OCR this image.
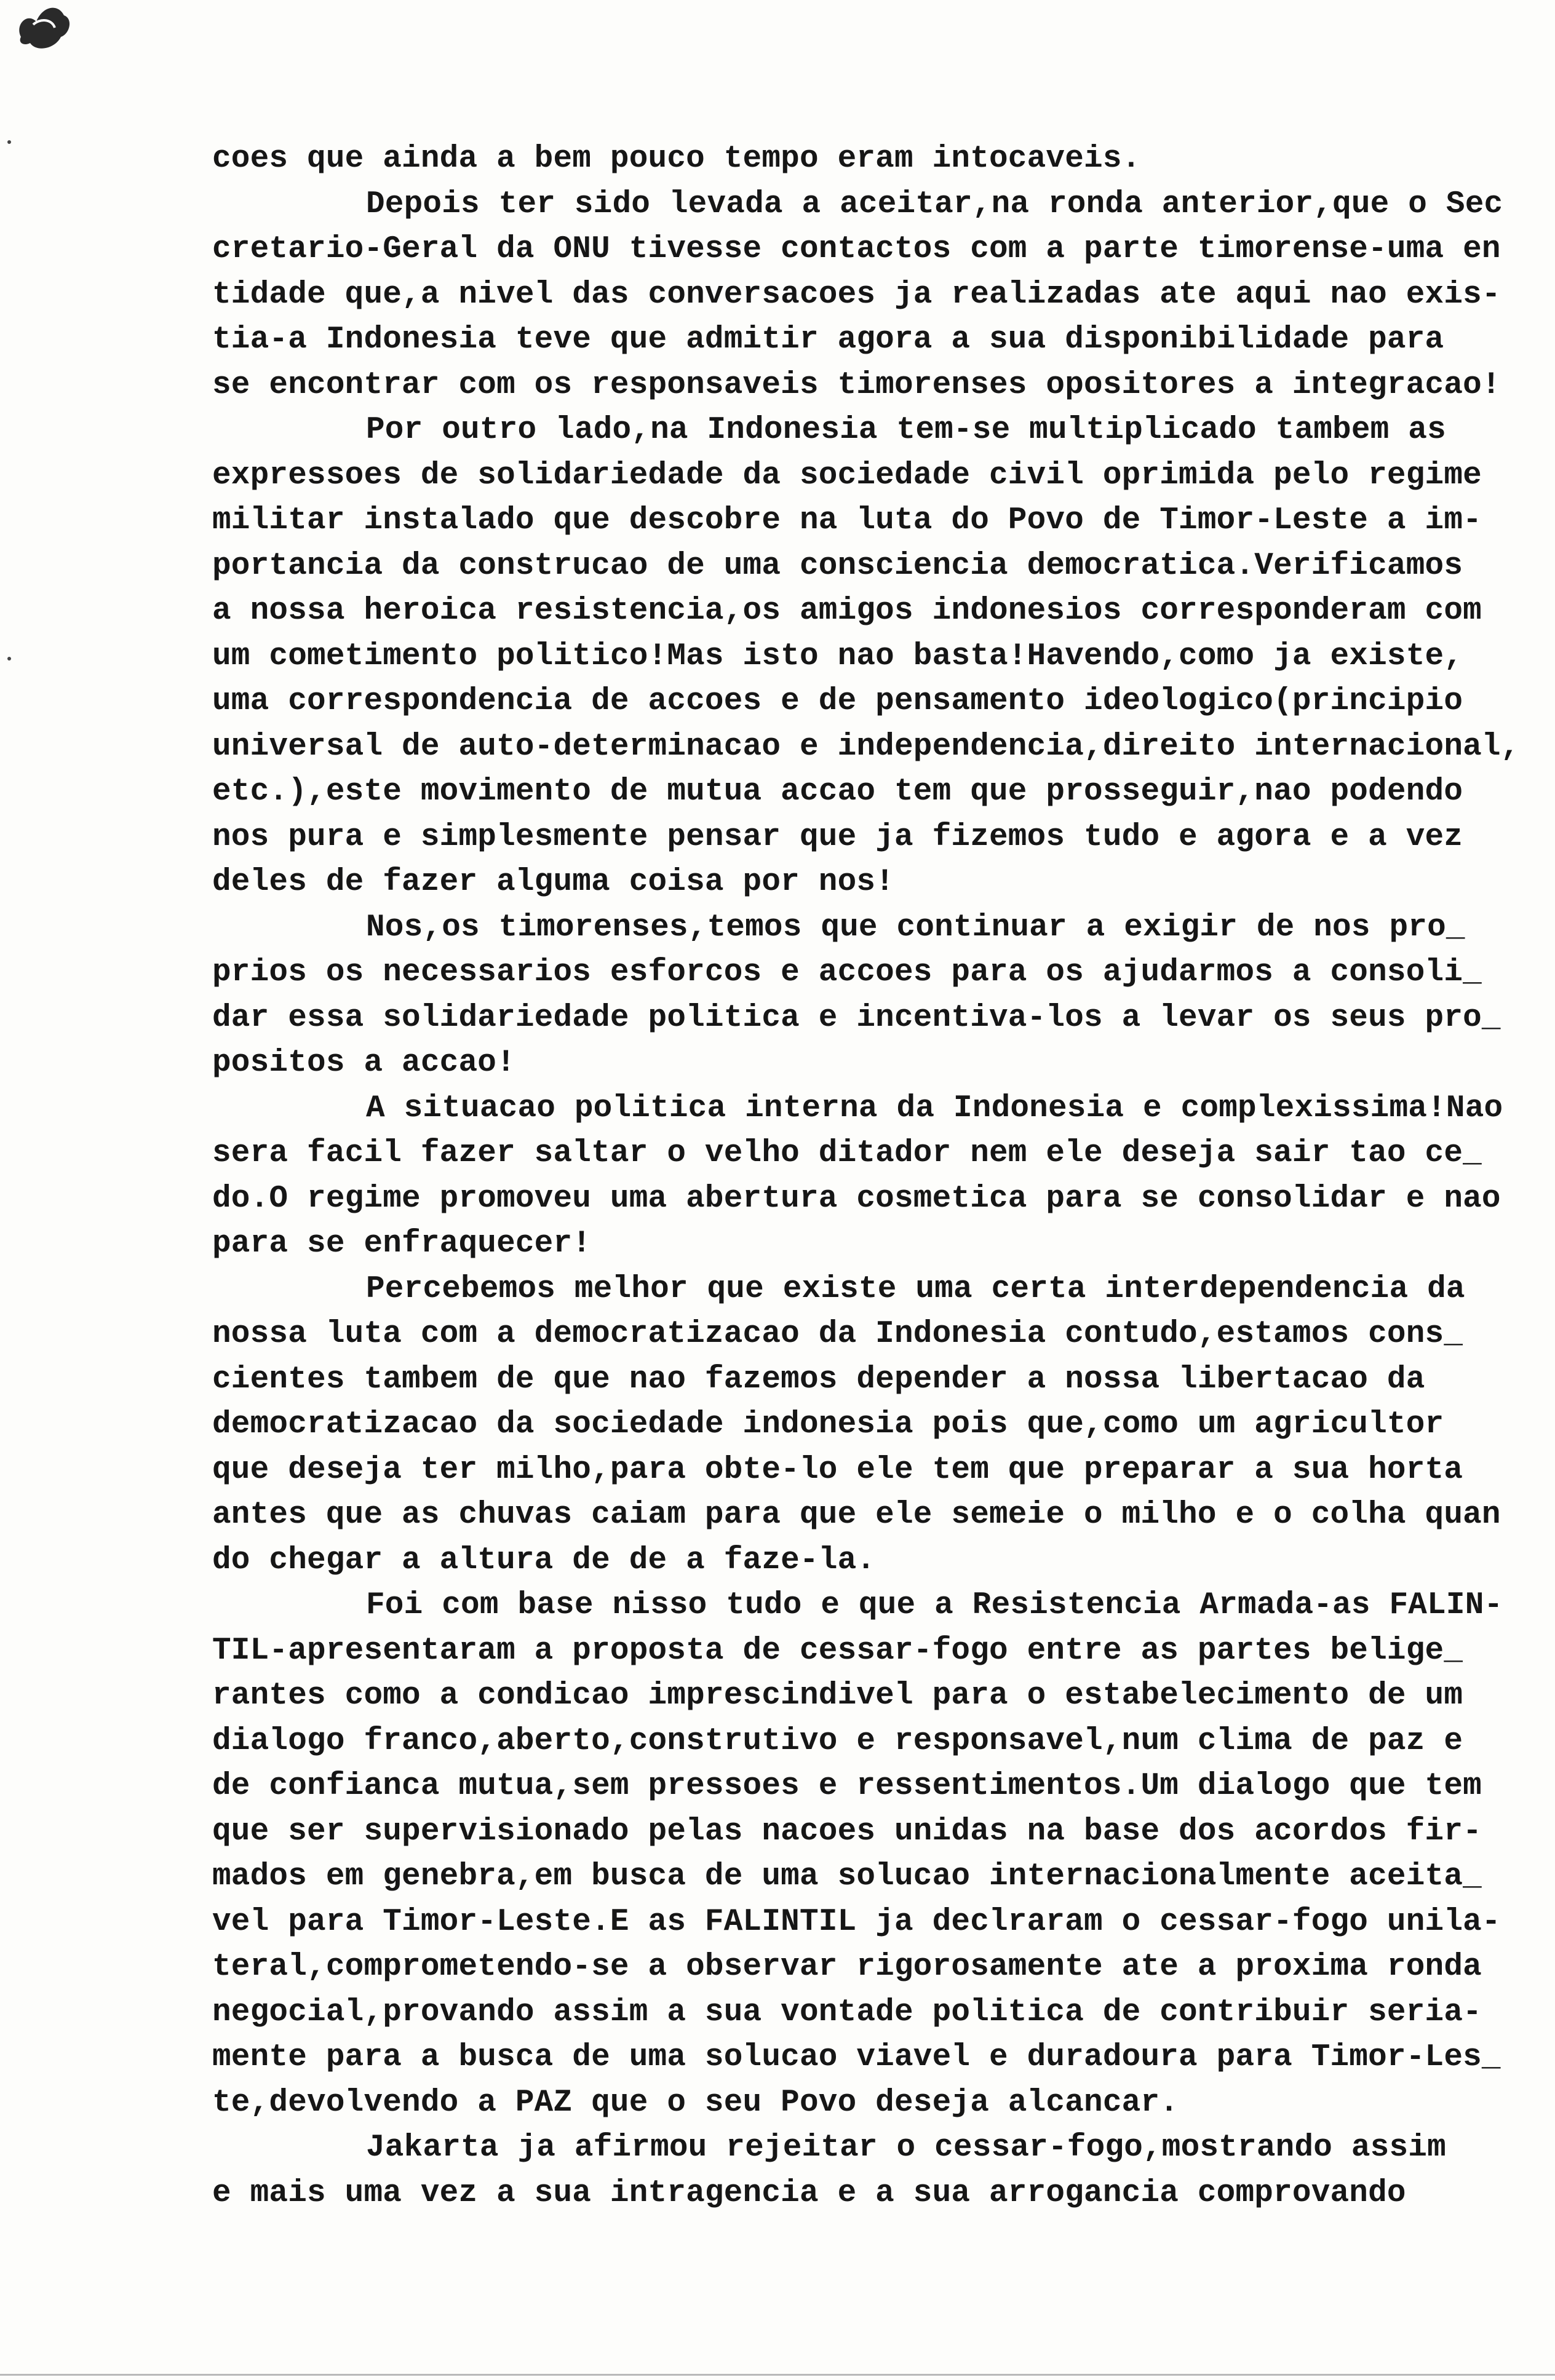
coes que ainda a bem pouco tempo eram intocaveis.
Depois ter sido levada a aceitar,na ronda anterior,que o Sec
cretario-Geral da ONU tivesse contactos com a parte timorense-uma en
tidade que,a nivel das conversacoes ja realizadas ate aqui nao exis-
tia-a Indonesia teve que admitir agora a sua disponibilidade para
se encontrar com os responsaveis timorenses opositores a integracao!
Por outro lado,na Indonesia tem-se multiplicado tambem as
expressoes de solidariedade da sociedade civil oprimida pelo regime
militar instalado que descobre na luta do Povo de Timor-Leste a im-
portancia da construcao de uma consciencia democratica.Verificamos
a nossa heroica resistencia,os amigos indonesios corresponderam com
um cometimento politico!Mas isto nao basta!Havendo,como ja existe,
uma correspondencia de accoes e de pensamento ideologico(principio
universal de auto-determinacao e independencia,direito internacional,
etc.),este movimento de mutua accao tem que prosseguir,nao podendo
nos pura e simplesmente pensar que ja fizemos tudo e agora e a vez
deles de fazer alguma coisa por nos!
Nos,os timorenses,temos que continuar a exigir de nos pro_
prios os necessarios esforcos e accoes para os ajudarmos a consoli_
dar essa solidariedade politica e incentiva-los a levar os seus pro_
positos a accao!
A situacao politica interna da Indonesia e complexissima!Nao
sera facil fazer saltar o velho ditador nem ele deseja sair tao ce_
do.O regime promoveu uma abertura cosmetica para se consolidar e nao
para se enfraquecer!
Percebemos melhor que existe uma certa interdependencia da
nossa luta com a democratizacao da Indonesia contudo,estamos cons_
cientes tambem de que nao fazemos depender a nossa libertacao da
democratizacao da sociedade indonesia pois que,como um agricultor
que deseja ter milho,para obte-lo ele tem que preparar a sua horta
antes que as chuvas caiam para que ele semeie o milho e o colha quan
do chegar a altura de de a faze-la.
Foi com base nisso tudo e que a Resistencia Armada-as FALIN-
TIL-apresentaram a proposta de cessar-fogo entre as partes belige_
rantes como a condicao imprescindivel para o estabelecimento de um
dialogo franco,aberto,construtivo e responsavel,num clima de paz e
de confianca mutua,sem pressoes e ressentimentos.Um dialogo que tem
que ser supervisionado pelas nacoes unidas na base dos acordos fir-
mados em genebra,em busca de uma solucao internacionalmente aceita_
vel para Timor-Leste.E as FALINTIL ja declraram o cessar-fogo unila-
teral,comprometendo-se a observar rigorosamente ate a proxima ronda
negocial,provando assim a sua vontade politica de contribuir seria-
mente para a busca de uma solucao viavel e duradoura para Timor-Les_
te,devolvendo a PAZ que o seu Povo deseja alcancar.
Jakarta ja afirmou rejeitar o cessar-fogo,mostrando assim
e mais uma vez a sua intragencia e a sua arrogancia comprovando
